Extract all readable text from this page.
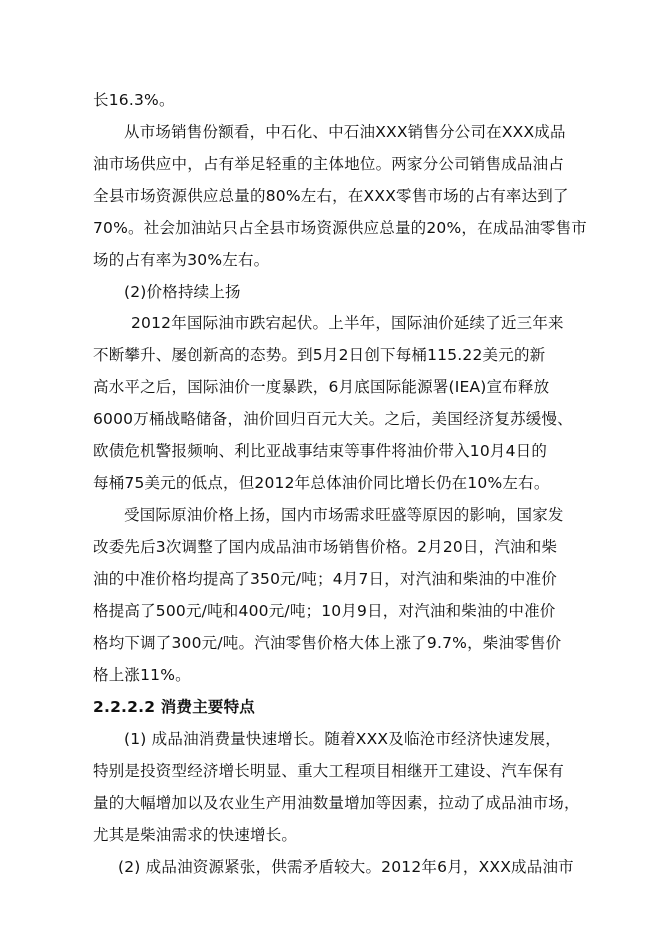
长16.3%。
从市场销售份额看，中石化、中石油XXX销售分公司在XXX成品
油市场供应中，占有举足轻重的主体地位。两家分公司销售成品油占
全县市场资源供应总量的80%左右，在XXX零售市场的占有率达到了
70%。社会加油站只占全县市场资源供应总量的20%，在成品油零售市
场的占有率为30%左右。
(2)价格持续上扬
2012年国际油市跌宕起伏。上半年，国际油价延续了近三年来
不断攀升、屡创新高的态势。到5月2日创下每桶115.22美元的新
高水平之后，国际油价一度暴跌，6月底国际能源署(IEA)宣布释放
6000万桶战略储备，油价回归百元大关。之后，美国经济复苏缓慢、
欧债危机警报频响、利比亚战事结束等事件将油价带入10月4日的
每桶75美元的低点，但2012年总体油价同比增长仍在10%左右。
受国际原油价格上扬，国内市场需求旺盛等原因的影响，国家发
改委先后3次调整了国内成品油市场销售价格。2月20日，汽油和柴
油的中准价格均提高了350元/吨；4月7日，对汽油和柴油的中准价
格提高了500元/吨和400元/吨；10月9日，对汽油和柴油的中准价
格均下调了300元/吨。汽油零售价格大体上涨了9.7%，柴油零售价
格上涨11%。
2.2.2.2 消费主要特点
(1) 成品油消费量快速增长。随着XXX及临沧市经济快速发展，
特别是投资型经济增长明显、重大工程项目相继开工建设、汽车保有
量的大幅增加以及农业生产用油数量增加等因素，拉动了成品油市场，
尤其是柴油需求的快速增长。
(2) 成品油资源紧张，供需矛盾较大。2012年6月，XXX成品油市
